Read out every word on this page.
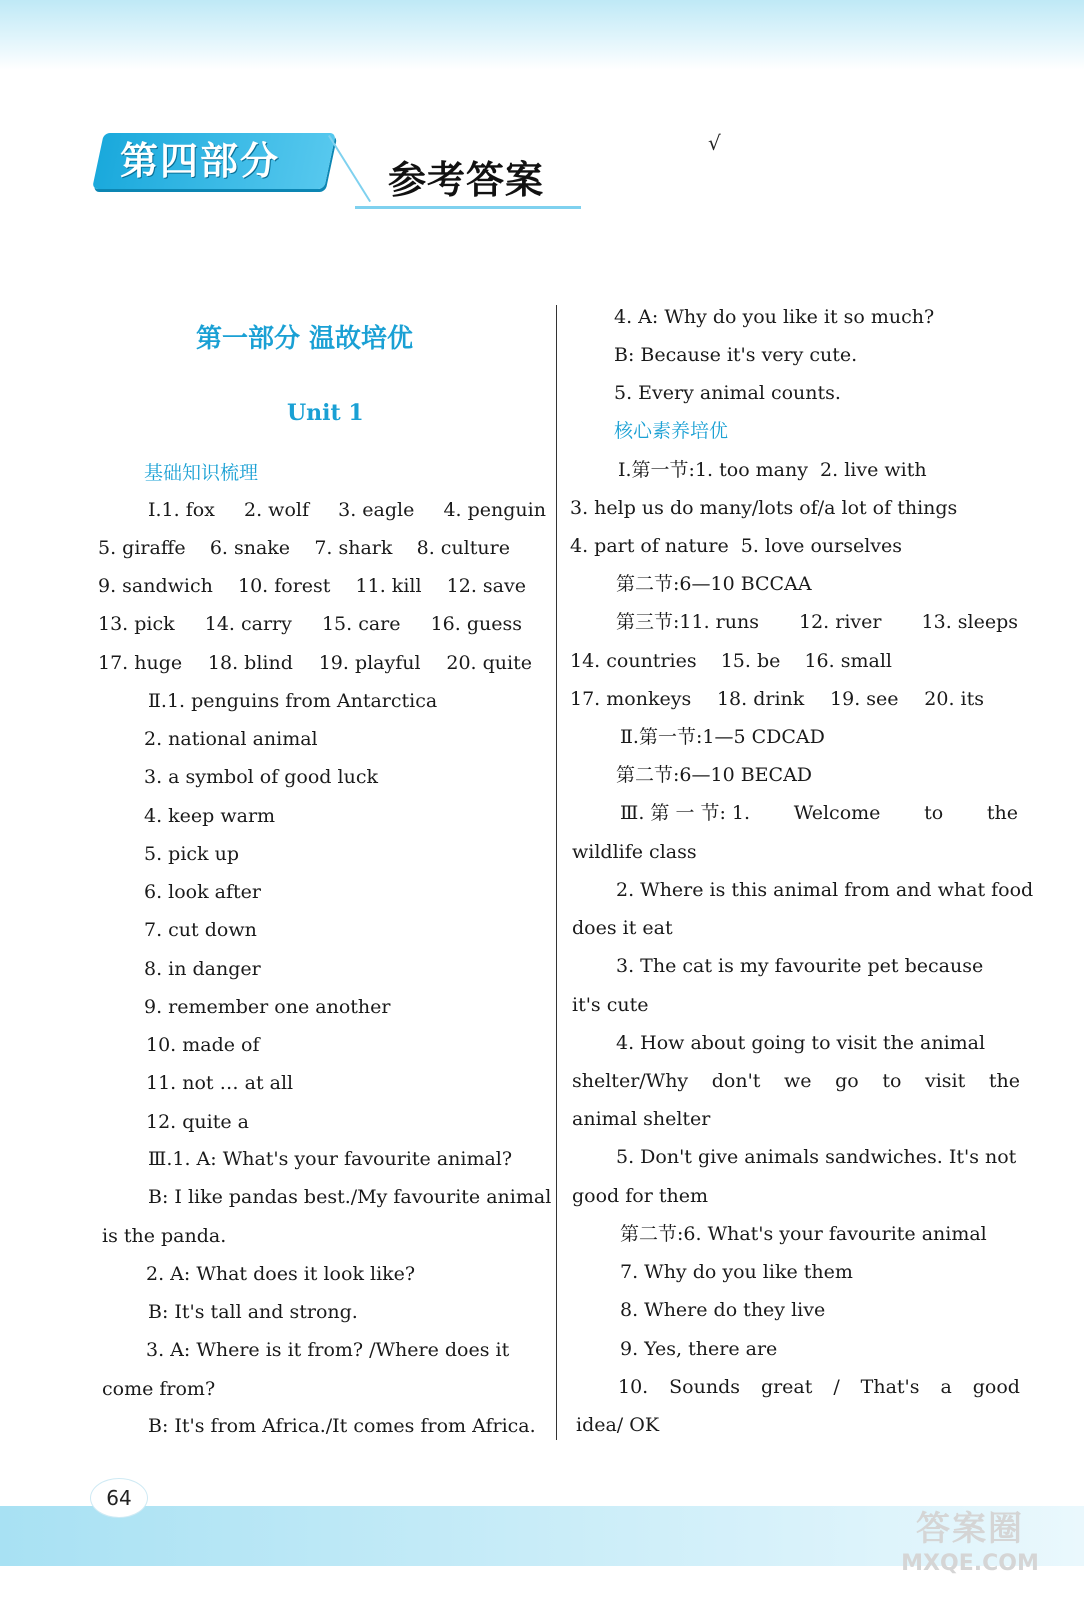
第四部分	参考答案
√
第一部分 温故培优
Unit 1
基础知识梳理
Ⅰ.1. fox 2. wolf 3. eagle 4. penguin
5. giraffe 6. snake 7. shark 8. culture
9. sandwich 10. forest 11. kill 12. save
13. pick 14. carry 15. care 16. guess
17. huge 18. blind 19. playful 20. quite
Ⅱ.1. penguins from Antarctica
2. national animal
3. a symbol of good luck
4. keep warm
5. pick up
6. look after
7. cut down
8. in danger
9. remember one another
10. made of
11. not … at all
12. quite a
Ⅲ.1. A: What's your favourite animal?
B: I like pandas best./My favourite animal
is the panda.
2. A: What does it look like?
B: It's tall and strong.
3. A: Where is it from? /Where does it
come from?
B: It's from Africa./It comes from Africa.
4. A: Why do you like it so much?
B: Because it's very cute.
5. Every animal counts.
核心素养培优
Ⅰ.第一节:1. too many  2. live with
3. help us do many/lots of/a lot of things
4. part of nature  5. love ourselves
第二节:6—10 BCCAA
第三节:11. runs 12. river 13. sleeps
14. countries 15. be 16. small
17. monkeys 18. drink 19. see 20. its
Ⅱ.第一节:1—5 CDCAD
第二节:6—10 BECAD
Ⅲ. 第 一 节: 1. Welcome to the
wildlife class
2. Where is this animal from and what food
does it eat
3. The cat is my favourite pet because
it's cute
4. How about going to visit the animal
shelter/Why don't we go to visit the
animal shelter
5. Don't give animals sandwiches. It's not
good for them
第二节:6. What's your favourite animal
7. Why do you like them
8. Where do they live
9. Yes, there are
10. Sounds great / That's a good
idea/ OK
64
答案圈
MXQE.COM
